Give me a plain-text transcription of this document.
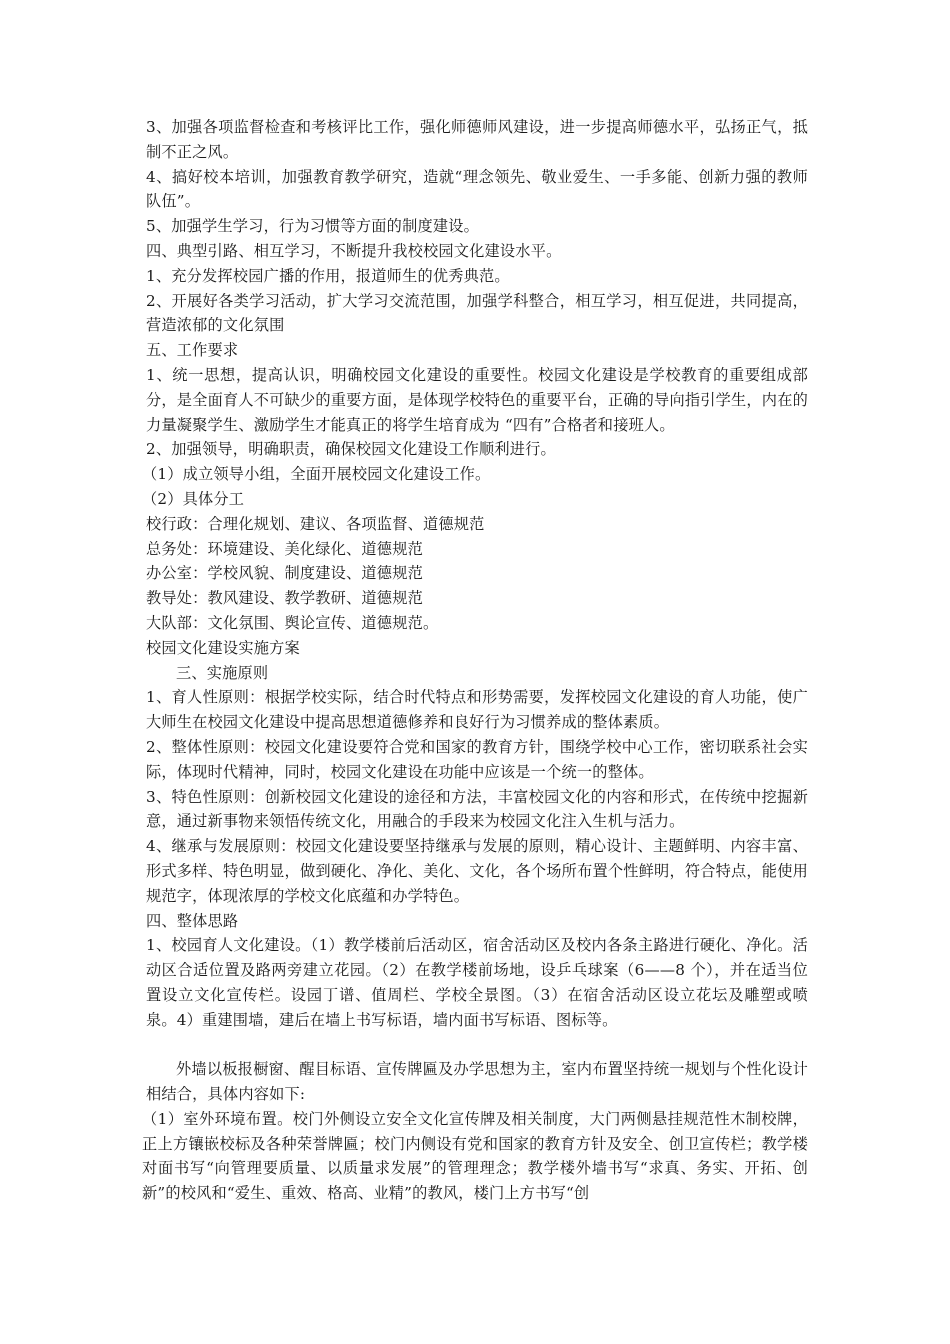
3、加强各项监督检查和考核评比工作，强化师德师风建设，进一步提高师德水平，弘扬正气，抵制不正之风。

4、搞好校本培训，加强教育教学研究，造就“理念领先、敬业爱生、一手多能、创新力强的教师队伍”。

5、加强学生学习，行为习惯等方面的制度建设。

四、典型引路、相互学习，不断提升我校校园文化建设水平。

1、充分发挥校园广播的作用，报道师生的优秀典范。

2、开展好各类学习活动，扩大学习交流范围，加强学科整合，相互学习，相互促进，共同提高，营造浓郁的文化氛围

五、工作要求

1、统一思想，提高认识，明确校园文化建设的重要性。校园文化建设是学校教育的重要组成部分，是全面育人不可缺少的重要方面，是体现学校特色的重要平台，正确的导向指引学生，内在的力量凝聚学生、激励学生才能真正的将学生培育成为 “四有”合格者和接班人。

2、加强领导，明确职责，确保校园文化建设工作顺利进行。

（1）成立领导小组，全面开展校园文化建设工作。

（2）具体分工

校行政：合理化规划、建议、各项监督、道德规范

总务处：环境建设、美化绿化、道德规范

办公室：学校风貌、制度建设、道德规范

教导处：教风建设、教学教研、道德规范

大队部：文化氛围、舆论宣传、道德规范。

校园文化建设实施方案

三、实施原则

1、育人性原则：根据学校实际，结合时代特点和形势需要，发挥校园文化建设的育人功能，使广大师生在校园文化建设中提高思想道德修养和良好行为习惯养成的整体素质。

2、整体性原则：校园文化建设要符合党和国家的教育方针，围绕学校中心工作，密切联系社会实际，体现时代精神，同时，校园文化建设在功能中应该是一个统一的整体。

3、特色性原则：创新校园文化建设的途径和方法，丰富校园文化的内容和形式，在传统中挖掘新意，通过新事物来领悟传统文化，用融合的手段来为校园文化注入生机与活力。

4、继承与发展原则：校园文化建设要坚持继承与发展的原则，精心设计、主题鲜明、内容丰富、形式多样、特色明显，做到硬化、净化、美化、文化，各个场所布置个性鲜明，符合特点，能使用规范字，体现浓厚的学校文化底蕴和办学特色。

四、整体思路

1、校园育人文化建设。（1）教学楼前后活动区，宿舍活动区及校内各条主路进行硬化、净化。活动区合适位置及路两旁建立花园。（2）在教学楼前场地，设乒乓球案（6——8 个），并在适当位置设立文化宣传栏。设园丁谱、值周栏、学校全景图。（3）在宿舍活动区设立花坛及雕塑或喷泉。4）重建围墙，建后在墙上书写标语，墙内面书写标语、图标等。

外墙以板报橱窗、醒目标语、宣传牌匾及办学思想为主，室内布置坚持统一规划与个性化设计相结合，具体内容如下:

（1）室外环境布置。校门外侧设立安全文化宣传牌及相关制度，大门两侧悬挂规范性木制校牌，正上方镶嵌校标及各种荣誉牌匾；校门内侧设有党和国家的教育方针及安全、创卫宣传栏；教学楼对面书写“向管理要质量、以质量求发展”的管理理念；教学楼外墙书写“求真、务实、开拓、创新”的校风和“爱生、重效、格高、业精”的教风，楼门上方书写“创
